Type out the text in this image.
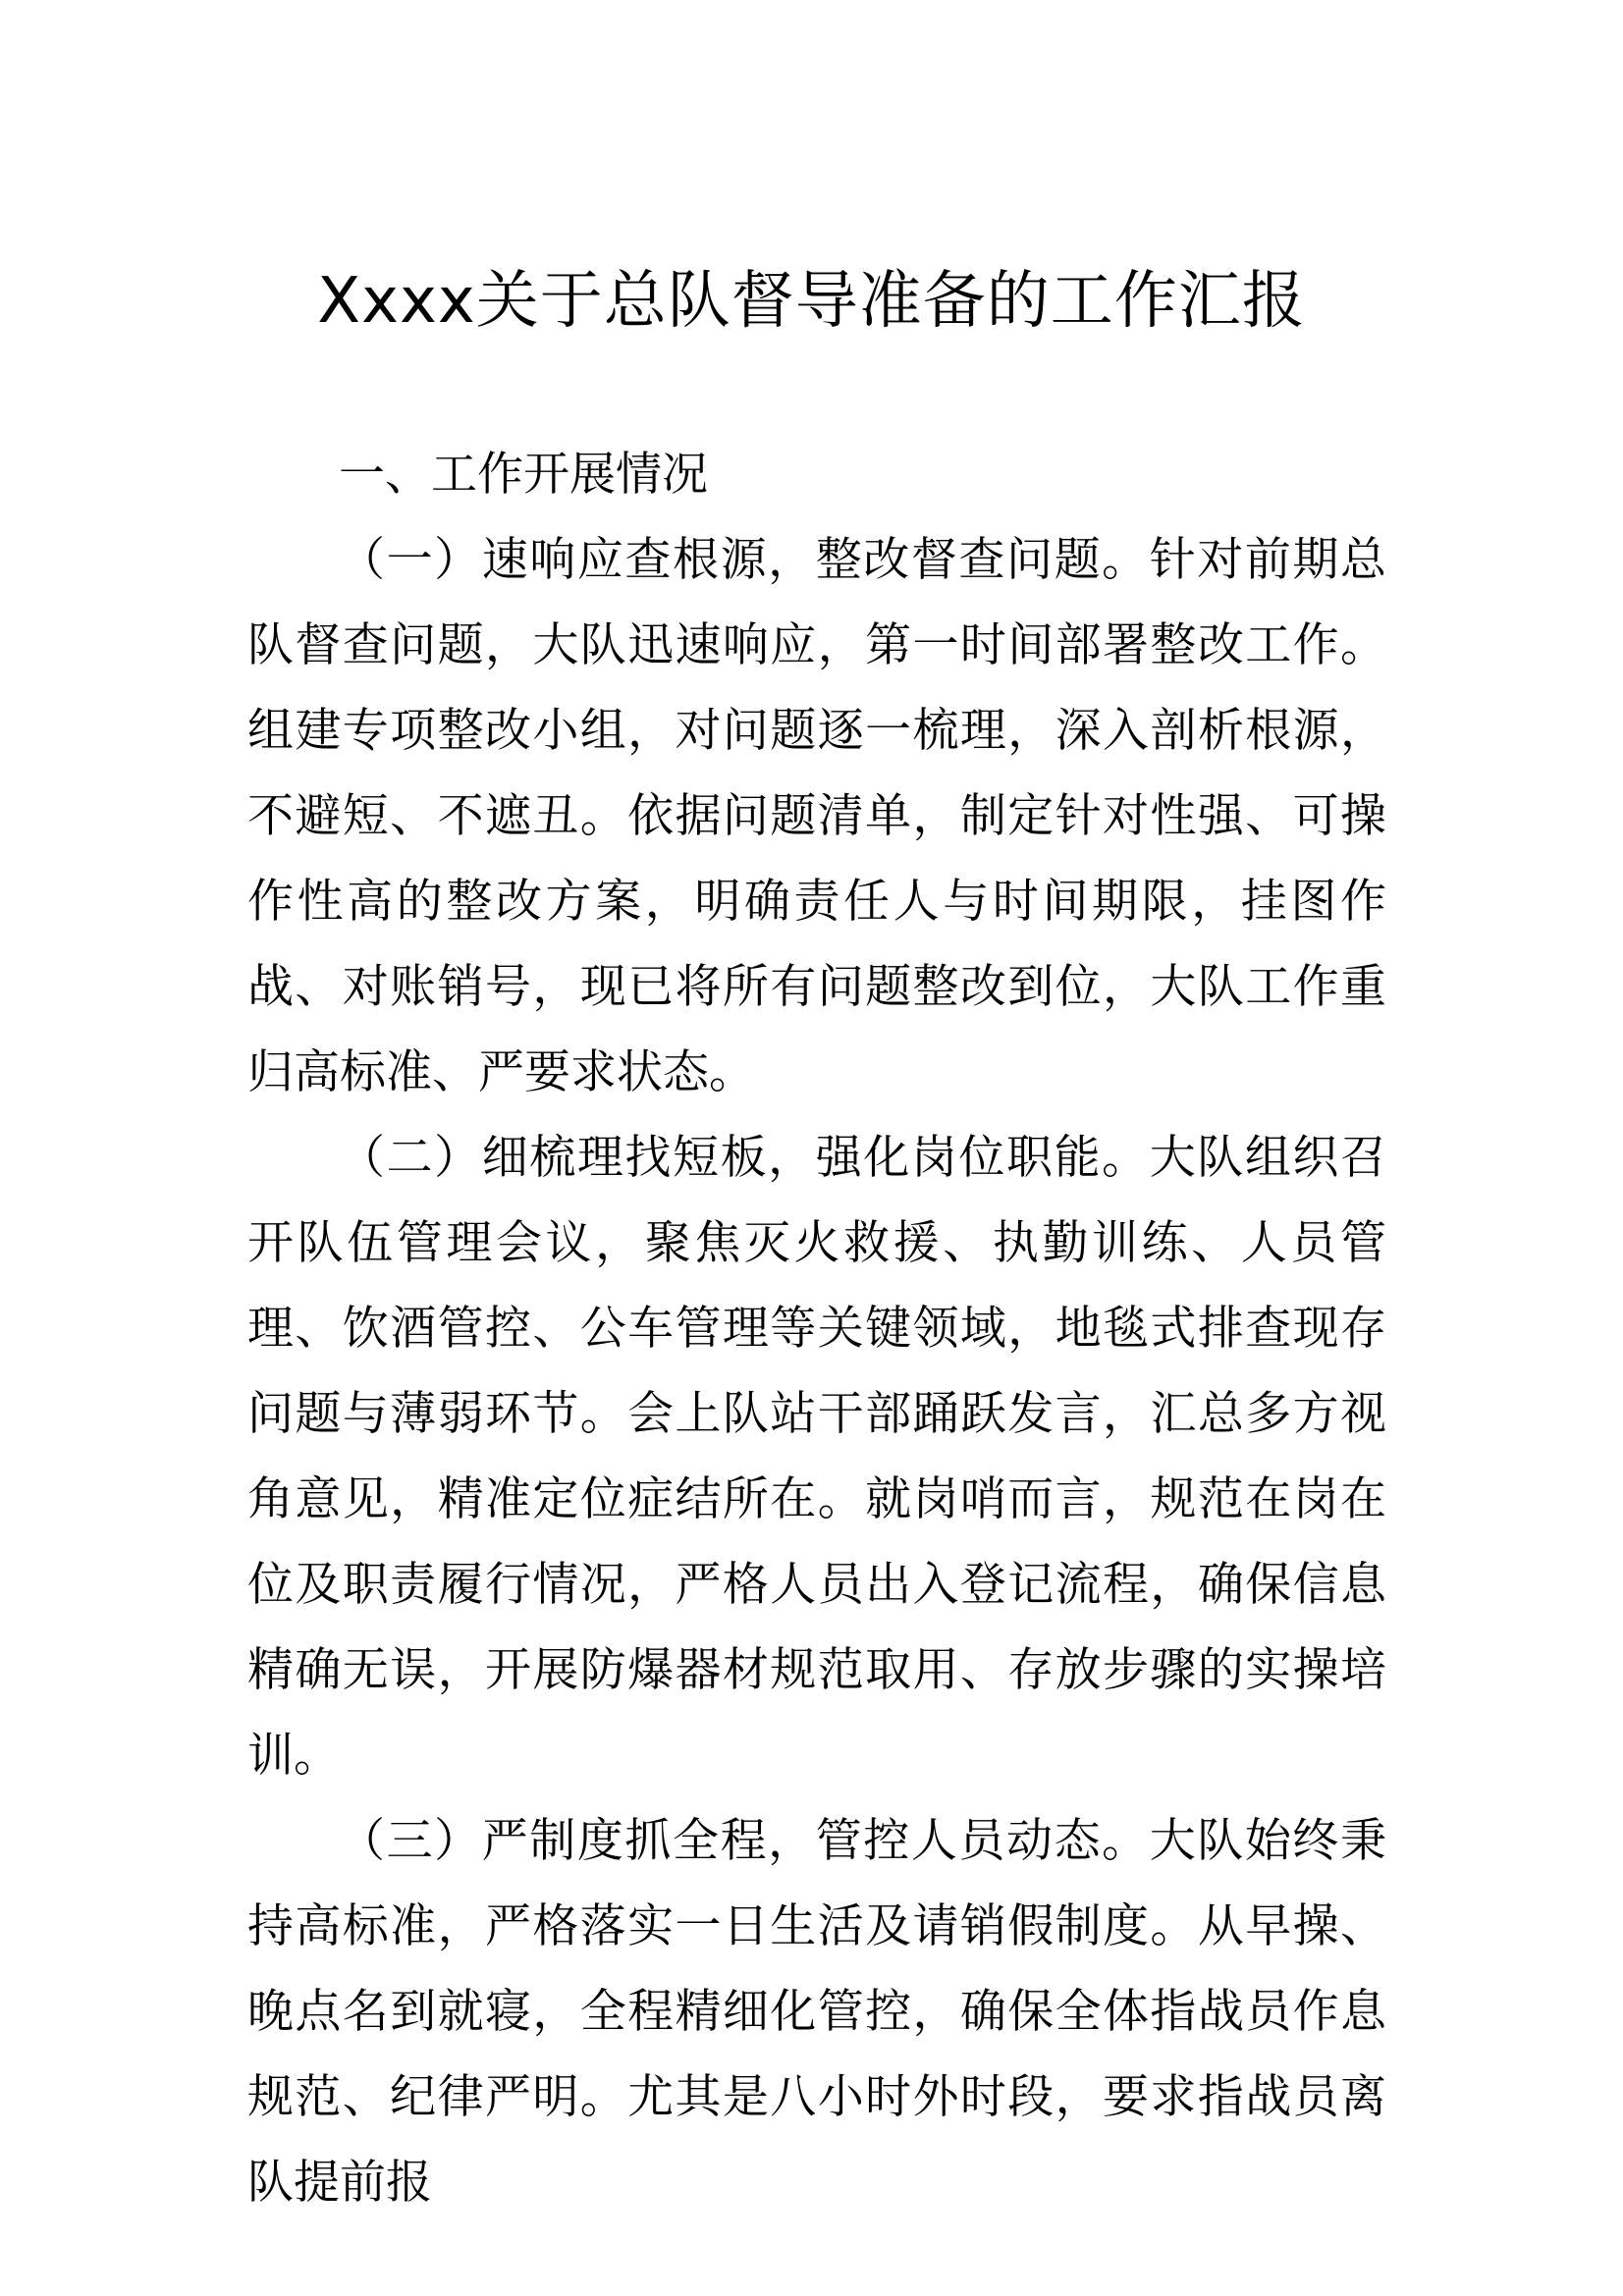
Xxxx关于总队督导准备的工作汇报

一、工作开展情况

（一）速响应查根源，整改督查问题。针对前期总队督查问题，大队迅速响应，第一时间部署整改工作。组建专项整改小组，对问题逐一梳理，深入剖析根源，不避短、不遮丑。依据问题清单，制定针对性强、可操作性高的整改方案，明确责任人与时间期限，挂图作战、对账销号，现已将所有问题整改到位，大队工作重归高标准、严要求状态。

（二）细梳理找短板，强化岗位职能。大队组织召开队伍管理会议，聚焦灭火救援、执勤训练、人员管理、饮酒管控、公车管理等关键领域，地毯式排查现存问题与薄弱环节。会上队站干部踊跃发言，汇总多方视角意见，精准定位症结所在。就岗哨而言，规范在岗在位及职责履行情况，严格人员出入登记流程，确保信息精确无误，开展防爆器材规范取用、存放步骤的实操培训。

（三）严制度抓全程，管控人员动态。大队始终秉持高标准，严格落实一日生活及请销假制度。从早操、晚点名到就寝，全程精细化管控，确保全体指战员作息规范、纪律严明。尤其是八小时外时段，要求指战员离队提前报
